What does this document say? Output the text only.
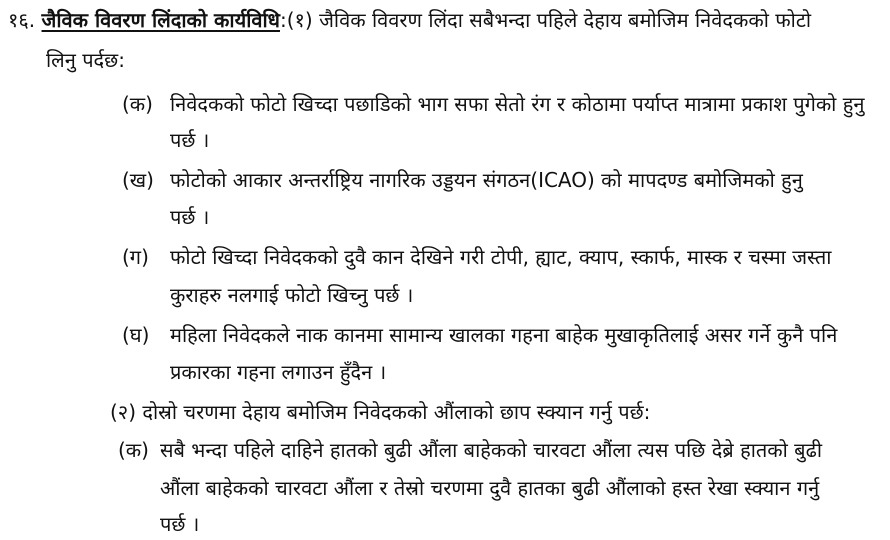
१६. जैविक विवरण लिंदाको कार्यविधि:(१) जैविक विवरण लिंदा सबैभन्दा पहिले देहाय बमोजिम निवेदकको फोटो
लिनु पर्दछ:
(क) निवेदकको फोटो खिच्दा पछाडिको भाग सफा सेतो रंग र कोठामा पर्याप्त मात्रामा प्रकाश पुगेको हुनु
पर्छ ।
(ख) फोटोको आकार अन्तर्राष्ट्रिय नागरिक उड्डयन संगठन(ICAO) को मापदण्ड बमोजिमको हुनु
पर्छ ।
(ग) फोटो खिच्दा निवेदकको दुवै कान देखिने गरी टोपी, ह्याट, क्याप, स्कार्फ, मास्क र चस्मा जस्ता
कुराहरु नलगाई फोटो खिच्नु पर्छ ।
(घ) महिला निवेदकले नाक कानमा सामान्य खालका गहना बाहेक मुखाकृतिलाई असर गर्ने कुनै पनि
प्रकारका गहना लगाउन हुँदैन ।
(२) दोस्रो चरणमा देहाय बमोजिम निवेदकको औंलाको छाप स्क्यान गर्नु पर्छ:
(क) सबै भन्दा पहिले दाहिने हातको बुढी औंला बाहेकको चारवटा औंला त्यस पछि देब्रे हातको बुढी
औंला बाहेकको चारवटा औंला र तेस्रो चरणमा दुवै हातका बुढी औंलाको हस्त रेखा स्क्यान गर्नु
पर्छ ।
